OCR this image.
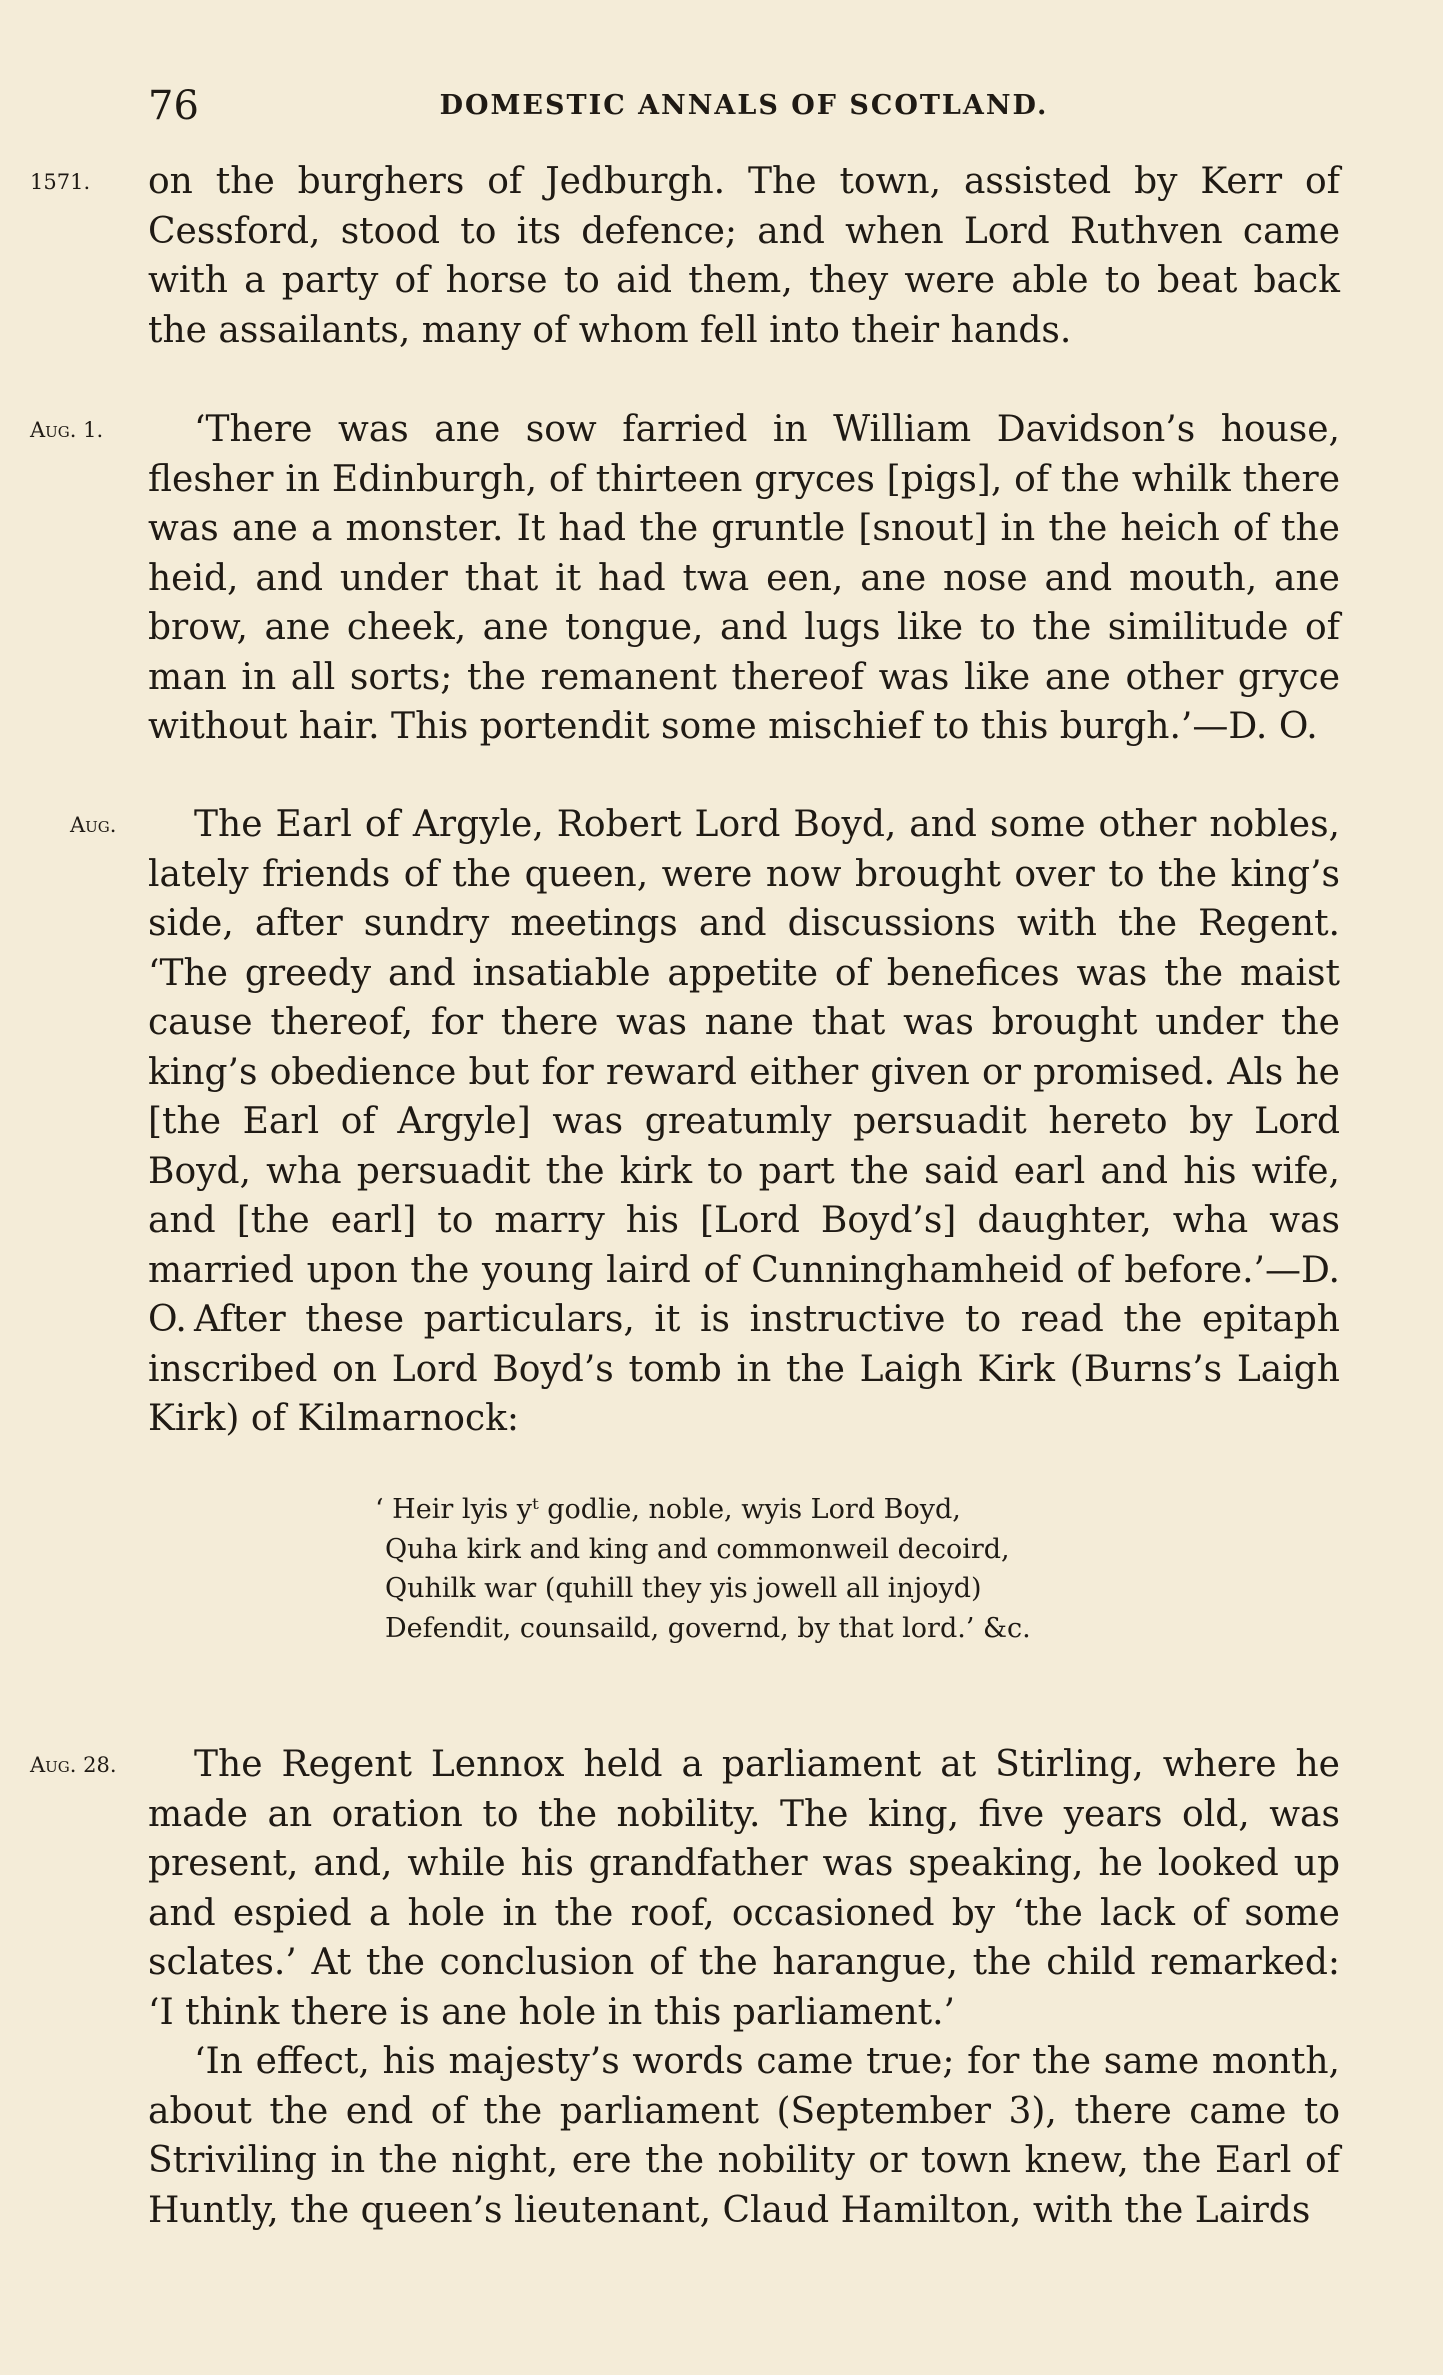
76	DOMESTIC ANNALS OF SCOTLAND.
1571.	on the burghers of Jedburgh. The town, assisted by Kerr of Cessford, stood to its defence; and when Lord Ruthven came with a party of horse to aid them, they were able to beat back the assailants, many of whom fell into their hands.

Aug. 1.	‘There was ane sow farried in William Davidson’s house, flesher in Edinburgh, of thirteen gryces [pigs], of the whilk there was ane a monster. It had the gruntle [snout] in the heich of the heid, and under that it had twa een, ane nose and mouth, ane brow, ane cheek, ane tongue, and lugs like to the similitude of man in all sorts; the remanent thereof was like ane other gryce without hair. This portendit some mischief to this burgh.’—D. O.

Aug.	The Earl of Argyle, Robert Lord Boyd, and some other nobles, lately friends of the queen, were now brought over to the king’s side, after sundry meetings and discussions with the Regent. ‘The greedy and insatiable appetite of benefices was the maist cause thereof, for there was nane that was brought under the king’s obedience but for reward either given or promised. Als he [the Earl of Argyle] was greatumly persuadit hereto by Lord Boyd, wha persuadit the kirk to part the said earl and his wife, and [the earl] to marry his [Lord Boyd’s] daughter, wha was married upon the young laird of Cunninghamheid of before.’—D. O. After these particulars, it is instructive to read the epitaph inscribed on Lord Boyd’s tomb in the Laigh Kirk (Burns’s Laigh Kirk) of Kilmarnock:

‘ Heir lyis yᵗ godlie, noble, wyis Lord Boyd,
Quha kirk and king and commonweil decoird,
Quhilk war (quhill they yis jowell all injoyd)
Defendit, counsaild, governd, by that lord.’ &c.
Aug. 28.	The Regent Lennox held a parliament at Stirling, where he made an oration to the nobility. The king, five years old, was present, and, while his grandfather was speaking, he looked up and espied a hole in the roof, occasioned by ‘the lack of some sclates.’ At the conclusion of the harangue, the child remarked: ‘I think there is ane hole in this parliament.’

‘In effect, his majesty’s words came true; for the same month, about the end of the parliament (September 3), there came to Striviling in the night, ere the nobility or town knew, the Earl of Huntly, the queen’s lieutenant, Claud Hamilton, with the Lairds
